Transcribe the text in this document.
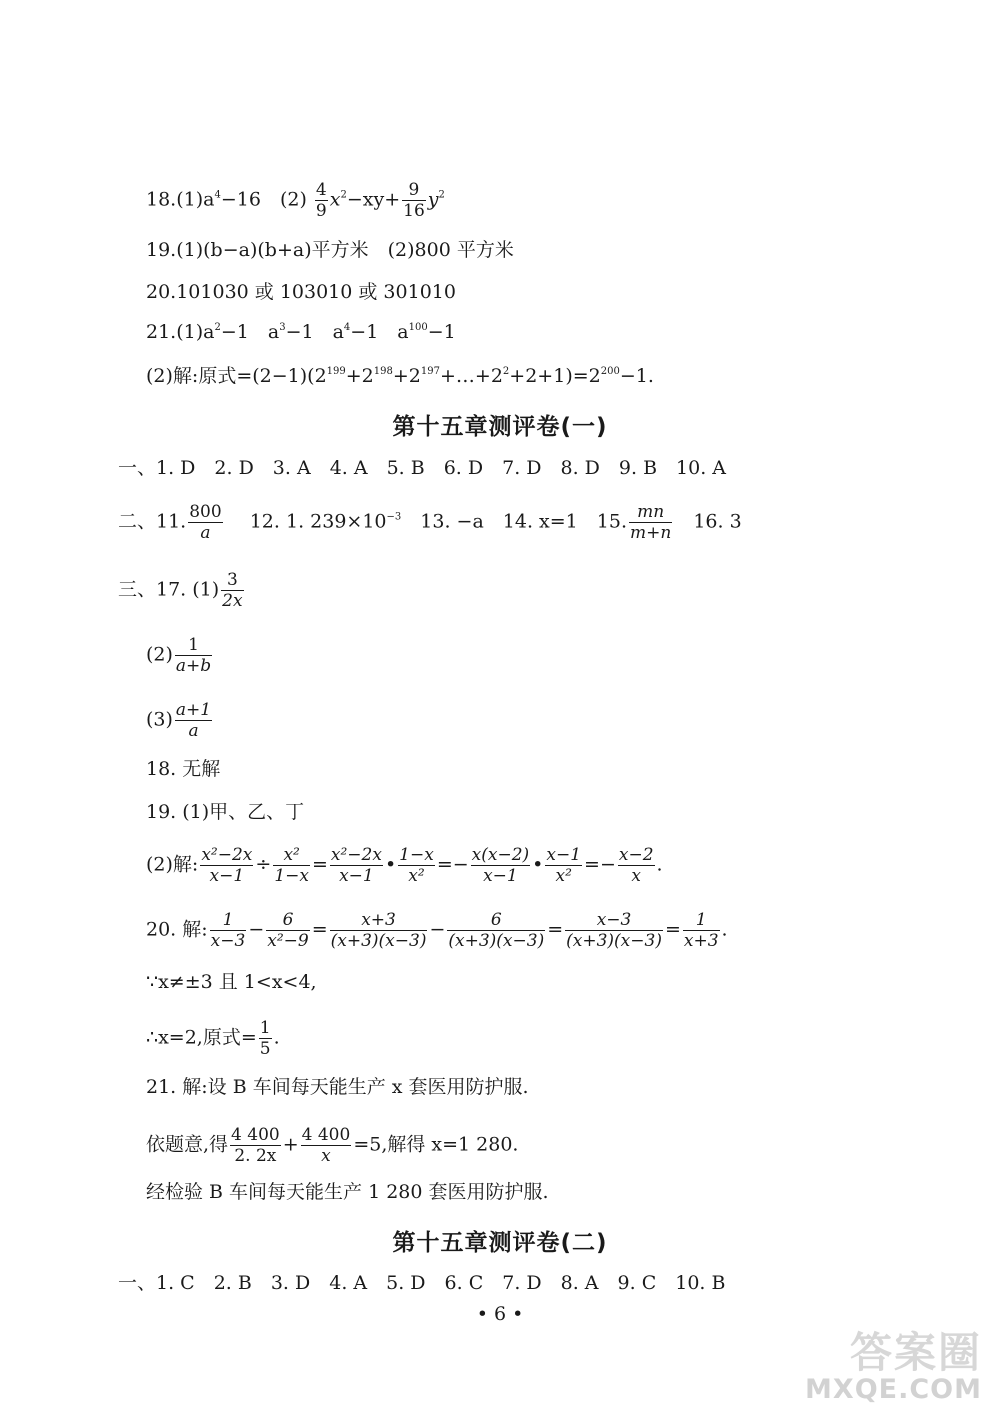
$18.(1)a^4-16$　$(2) \frac{4}{9} x^2-xy+ \frac{9}{16} y^2$
19.(1)(b−a)(b+a)平方米　(2)800 平方米
20.101030 或 103010 或 301010
$21.(1)a^2-1$　$a^3-1$　$a^4-1$　$a^{100}-1$
(2)解:原式$=(2-1)(2^{199}+2^{198}+2^{197}+\dots+2^2+2+1)=2^{200}-1$.
第十五章测评卷(一)
一、1. D　2. D　3. A　4. A　5. B　6. D　7. D　8. D　9. B　10. A
二、11. $\frac{800}{a}$
　 12. 1. $239\times 10^{-3}$　 13. −a　14. x=1　15. $\frac{mn}{m+n}$
　 16. 3
三、17. $(1) \frac{3}{2x}$
$(2) \frac{1}{a+b}$
$(3) \frac{a+1}{a}$
18. 无解
19. (1)甲、乙、丁
(2)解: $\frac{\text{x²−2x}}{x-1} \div \frac{\text{x²}}{1-x} = \frac{\text{x²−2x}}{x-1}$ • $\frac{1-x}{\text{x²}} =- \frac{x(x-2)}{x-1}$ • $\frac{x-1}{\text{x²}} =- \frac{x-2}{x}$ .
20. 解: $\frac{1}{x-3} - \frac{6}{\text{x²−9}} = \frac{x+3}{(x+3)(x-3)} - \frac{6}{(x+3)(x-3)} = \frac{x-3}{(x+3)(x-3)} = \frac{1}{x+3}$ .
∵x≠±3 且 1<x<4,
∴x=2,原式= $\frac{1}{5}$ .
21. 解:设 B 车间每天能生产 x 套医用防护服.
依题意,得 $\frac{4 400}{2. 2x} + \frac{4 400}{x} =5$,解得 x=1 280.
经检验 B 车间每天能生产 1 280 套医用防护服.
第十五章测评卷(二)
一、1. C　2. B　3. D　4. A　5. D　6. C　7. D　8. A　9. C　10. B
• 6 •
答案圈
MXQE.COM
